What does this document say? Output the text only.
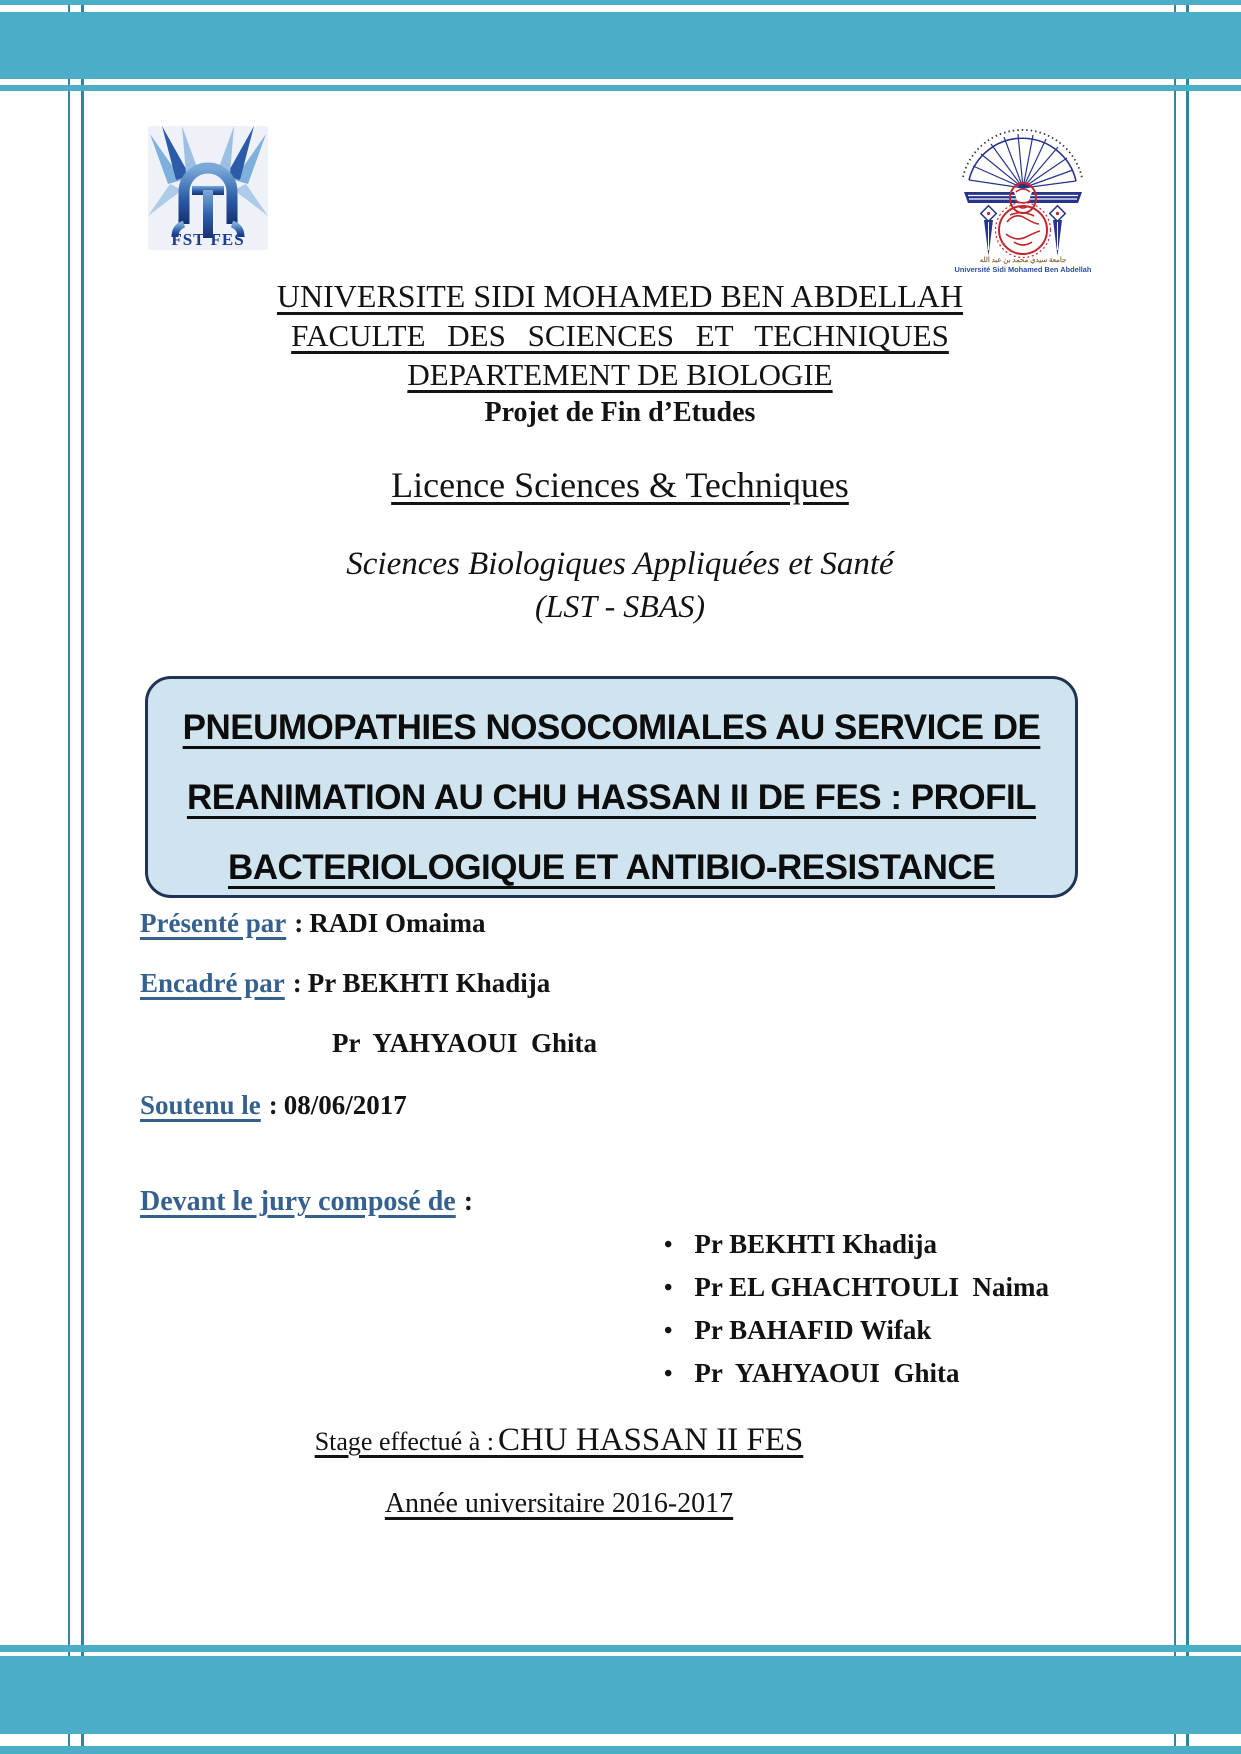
FST FES
جامعة سيدي محمد بن عبد الله
Université Sidi Mohamed Ben Abdellah
UNIVERSITE SIDI MOHAMED BEN ABDELLAH
FACULTE DES SCIENCES ET TECHNIQUES
DEPARTEMENT DE BIOLOGIE
Projet de Fin d’Etudes
Licence Sciences & Techniques
Sciences Biologiques Appliquées et Santé
(LST - SBAS)
PNEUMOPATHIES NOSOCOMIALES AU SERVICE DE
REANIMATION AU CHU HASSAN II DE FES : PROFIL
BACTERIOLOGIQUE ET ANTIBIO-RESISTANCE
Présenté par : RADI Omaima
Encadré par : Pr BEKHTI Khadija
Pr  YAHYAOUI  Ghita
Soutenu le : 08/06/2017
Devant le jury composé de :
• Pr BEKHTI Khadija
• Pr EL GHACHTOULI  Naima
• Pr BAHAFID Wifak
• Pr  YAHYAOUI  Ghita
Stage effectué à : CHU HASSAN II FES
Année universitaire 2016-2017
